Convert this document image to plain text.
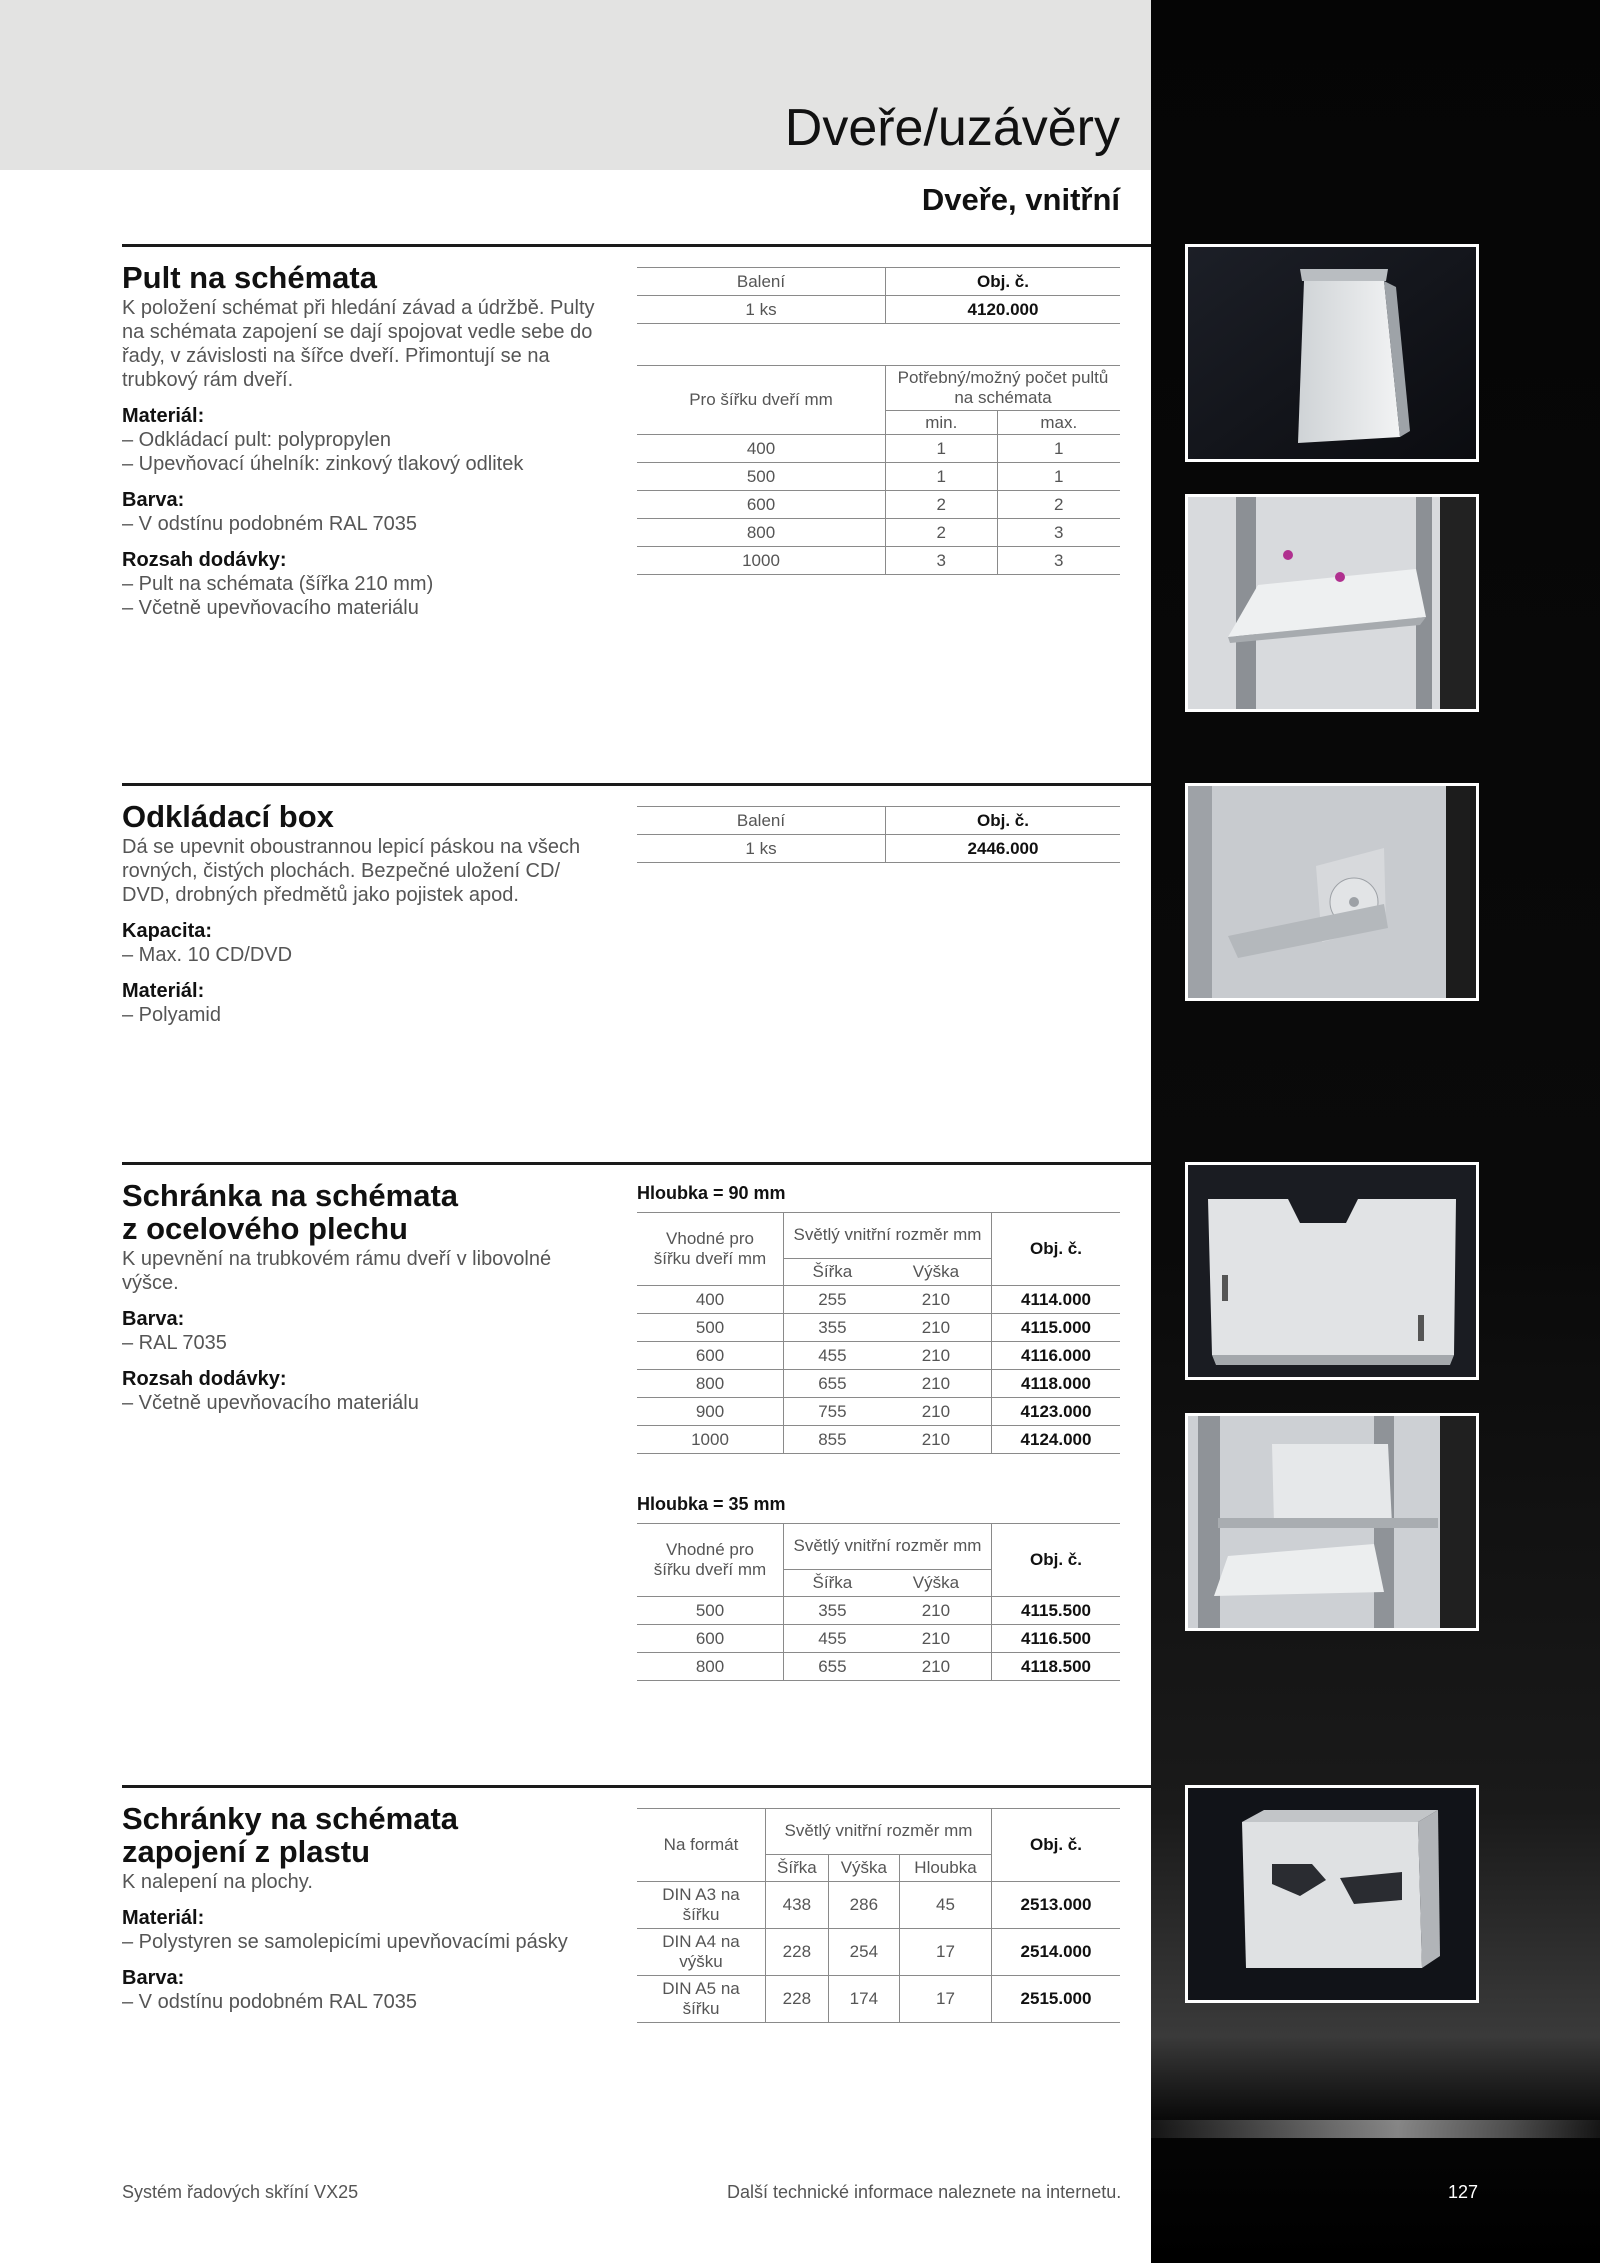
Dveře/uzávěry
Dveře, vnitřní
Pult na schémata

K položení schémat při hledání závad a údržbě. Pulty na schémata zapojení se dají spojovat vedle sebe do řady, v závislosti na šířce dveří. Přimontují se na trubkový rám dveří.

Materiál:

– Odkládací pult: polypropylen

– Upevňovací úhelník: zinkový tlakový odlitek

Barva:

– V odstínu podobném RAL 7035

Rozsah dodávky:

– Pult na schémata (šířka 210 mm)

– Včetně upevňovacího materiálu

Balení	Obj. č.
1 ks	4120.000
Pro šířku dveří mm	Potřebný/možný počet pultů na schémata	
	min.	max.
400	1	1
500	1	1
600	2	2
800	2	3
1000	3	3
Odkládací box

Dá se upevnit oboustrannou lepicí páskou na všech rovných, čistých plochách. Bezpečné uložení CD/ DVD, drobných předmětů jako pojistek apod.

Kapacita:

– Max. 10 CD/DVD

Materiál:

– Polyamid

Balení	Obj. č.
1 ks	2446.000
Schránka na schémata
z ocelového plechu

K upevnění na trubkovém rámu dveří v libovolné výšce.

Barva:

– RAL 7035

Rozsah dodávky:

– Včetně upevňovacího materiálu

Hloubka = 90 mm
Vhodné pro šířku dveří mm	Světlý vnitřní rozměr mm		Obj. č.
	Šířka	Výška	
400	255	210	4114.000
500	355	210	4115.000
600	455	210	4116.000
800	655	210	4118.000
900	755	210	4123.000
1000	855	210	4124.000
Hloubka = 35 mm
Vhodné pro šířku dveří mm	Světlý vnitřní rozměr mm		Obj. č.
	Šířka	Výška	
500	355	210	4115.500
600	455	210	4116.500
800	655	210	4118.500
Schránky na schémata
zapojení z plastu

K nalepení na plochy.

Materiál:

– Polystyren se samolepicími upevňovacími pásky

Barva:

– V odstínu podobném RAL 7035

Na formát	Světlý vnitřní rozměr mm			Obj. č.
	Šířka	Výška	Hloubka	
DIN A3 na šířku	438	286	45	2513.000
DIN A4 na výšku	228	254	17	2514.000
DIN A5 na šířku	228	174	17	2515.000
Systém řadových skříní VX25	Další technické informace naleznete na internetu.	127
